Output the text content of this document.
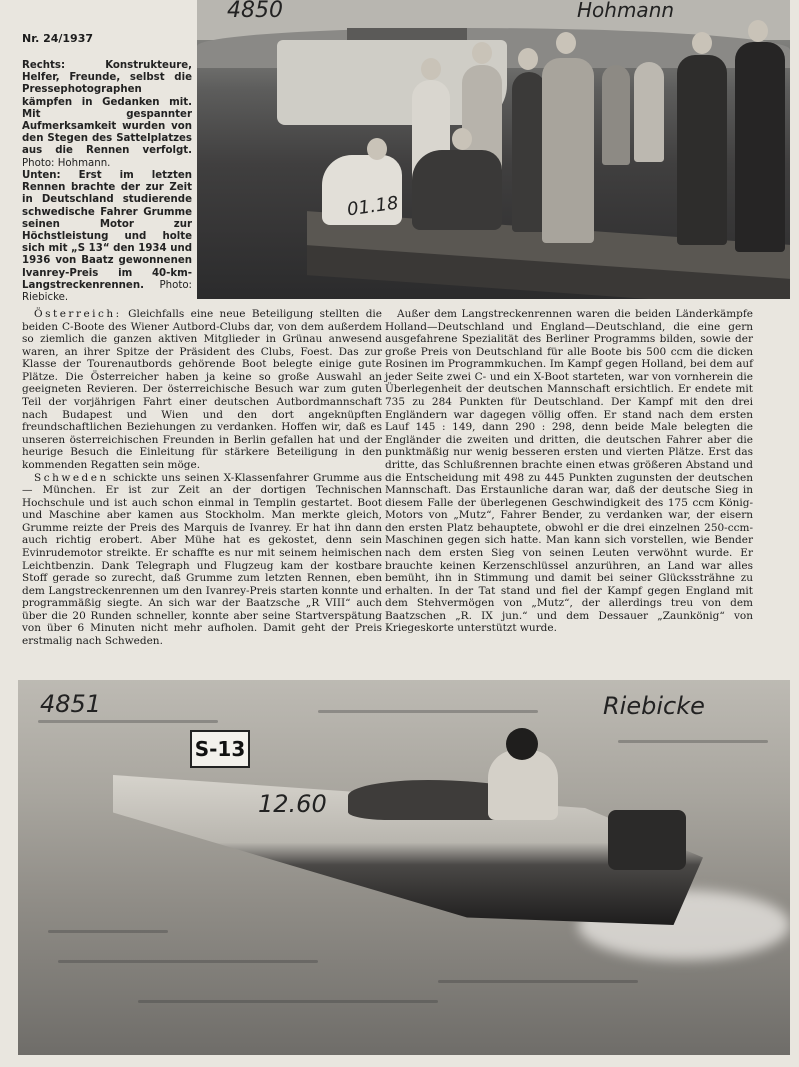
Nr. 24/1937
Rechts: Konstrukteure, Helfer, Freunde, selbst die Pressephotographen kämpfen in Gedanken mit. Mit gespannter Aufmerksamkeit wurden von den Stegen des Sattelplatzes aus die Rennen verfolgt. Photo: Hohmann.
Unten: Erst im letzten Rennen brachte der zur Zeit in Deutschland studierende schwedische Fahrer Grumme seinen Motor zur Höchstleistung und holte sich mit „S 13“ den 1934 und 1936 von Baatz gewonnenen Ivanrey-Preis im 40-km-Langstreckenrennen. Photo: Riebicke.
4850	Hohmann
01.18

Österreich: Gleichfalls eine neue Beteiligung stellten die beiden C-Boote des Wiener Autbord-Clubs dar, von dem außerdem so ziemlich die ganzen aktiven Mitglieder in Grünau anwesend waren, an ihrer Spitze der Präsident des Clubs, Foest. Das zur Klasse der Tourenautbords gehörende Boot belegte einige gute Plätze. Die Österreicher haben ja keine so große Auswahl an geeigneten Revieren. Der österreichische Besuch war zum guten Teil der vorjährigen Fahrt einer deutschen Autbordmannschaft nach Budapest und Wien und den dort angeknüpften freundschaftlichen Beziehungen zu verdanken. Hoffen wir, daß es unseren österreichischen Freunden in Berlin gefallen hat und der heurige Besuch die Einleitung für stärkere Beteiligung in den kommenden Regatten sein möge.

Schweden schickte uns seinen X-Klassenfahrer Grumme aus — München. Er ist zur Zeit an der dortigen Technischen Hochschule und ist auch schon einmal in Templin gestartet. Boot und Maschine aber kamen aus Stockholm. Man merkte gleich, Grumme reizte der Preis des Marquis de Ivanrey. Er hat ihn dann auch richtig erobert. Aber Mühe hat es gekostet, denn sein Evinrudemotor streikte. Er schaffte es nur mit seinem heimischen Leichtbenzin. Dank Telegraph und Flugzeug kam der kostbare Stoff gerade so zurecht, daß Grumme zum letzten Rennen, eben dem Langstreckenrennen um den Ivanrey-Preis starten konnte und programmäßig siegte. An sich war der Baatzsche „R VIII“ auch über die 20 Runden schneller, konnte aber seine Startverspätung von über 6 Minuten nicht mehr aufholen. Damit geht der Preis erstmalig nach Schweden.

Außer dem Langstreckenrennen waren die beiden Länderkämpfe Holland—Deutschland und England—Deutschland, die eine gern ausgefahrene Spezialität des Berliner Programms bilden, sowie der große Preis von Deutschland für alle Boote bis 500 ccm die dicken Rosinen im Programmkuchen. Im Kampf gegen Holland, bei dem auf jeder Seite zwei C- und ein X-Boot starteten, war von vornherein die Überlegenheit der deutschen Mannschaft ersichtlich. Er endete mit 735 zu 284 Punkten für Deutschland. Der Kampf mit den drei Engländern war dagegen völlig offen. Er stand nach dem ersten Lauf 145 : 149, dann 290 : 298, denn beide Male belegten die Engländer die zweiten und dritten, die deutschen Fahrer aber die punktmäßig nur wenig besseren ersten und vierten Plätze. Erst das dritte, das Schlußrennen brachte einen etwas größeren Abstand und die Entscheidung mit 498 zu 445 Punkten zugunsten der deutschen Mannschaft. Das Erstaunliche daran war, daß der deutsche Sieg in diesem Falle der überlegenen Geschwindigkeit des 175 ccm König-Motors von „Mutz“, Fahrer Bender, zu verdanken war, der eisern den ersten Platz behauptete, obwohl er die drei einzelnen 250-ccm-Maschinen gegen sich hatte. Man kann sich vorstellen, wie Bender nach dem ersten Sieg von seinen Leuten verwöhnt wurde. Er brauchte keinen Kerzenschlüssel anzurühren, an Land war alles bemüht, ihn in Stimmung und damit bei seiner Glückssträhne zu erhalten. In der Tat stand und fiel der Kampf gegen England mit dem Stehvermögen von „Mutz“, der allerdings treu von dem Baatzschen „R. IX jun.“ und dem Dessauer „Zaunkönig“ von Kriegeskorte unterstützt wurde.

S-13
4851	Riebicke
12.60
